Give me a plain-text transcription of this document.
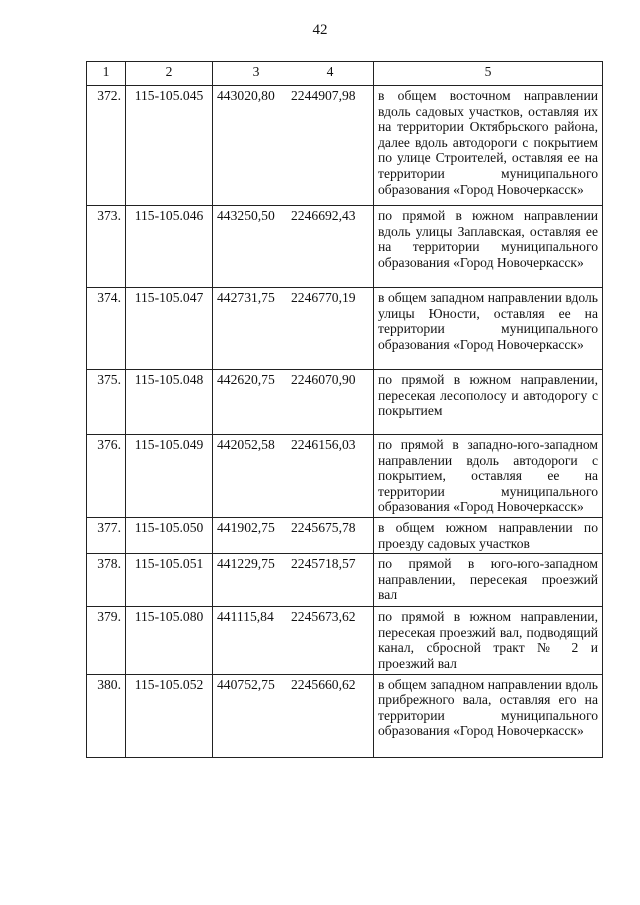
42
1	2	3 4	5
372.	115-105.045	443020,80 2244907,98	в общем восточном направлении вдоль садовых участков, оставляя их на территории Октябрьского района, далее вдоль автодороги с покрытием по улице Строителей, оставляя ее на территории муниципального образования «Город Новочеркасск»
373.	115-105.046	443250,50 2246692,43	по прямой в южном направлении вдоль улицы Заплавская, оставляя ее на территории муниципального образования «Город Новочеркасск»
374.	115-105.047	442731,75 2246770,19	в общем западном направлении вдоль улицы Юности, оставляя ее на территории муниципального образования «Город Новочеркасск»
375.	115-105.048	442620,75 2246070,90	по прямой в южном направлении, пересекая лесополосу и автодорогу с покрытием
376.	115-105.049	442052,58 2246156,03	по прямой в западно-юго-западном направлении вдоль автодороги с покрытием, оставляя ее на территории муниципального образования «Город Новочеркасск»
377.	115-105.050	441902,75 2245675,78	в общем южном направлении по проезду садовых участков
378.	115-105.051	441229,75 2245718,57	по прямой в юго-юго-западном направлении, пересекая проезжий вал
379.	115-105.080	441115,84 2245673,62	по прямой в южном направлении, пересекая проезжий вал, подводящий канал, сбросной тракт № 2 и проезжий вал
380.	115-105.052	440752,75 2245660,62	в общем западном направлении вдоль прибрежного вала, оставляя его на территории муниципального образования «Город Новочеркасск»
